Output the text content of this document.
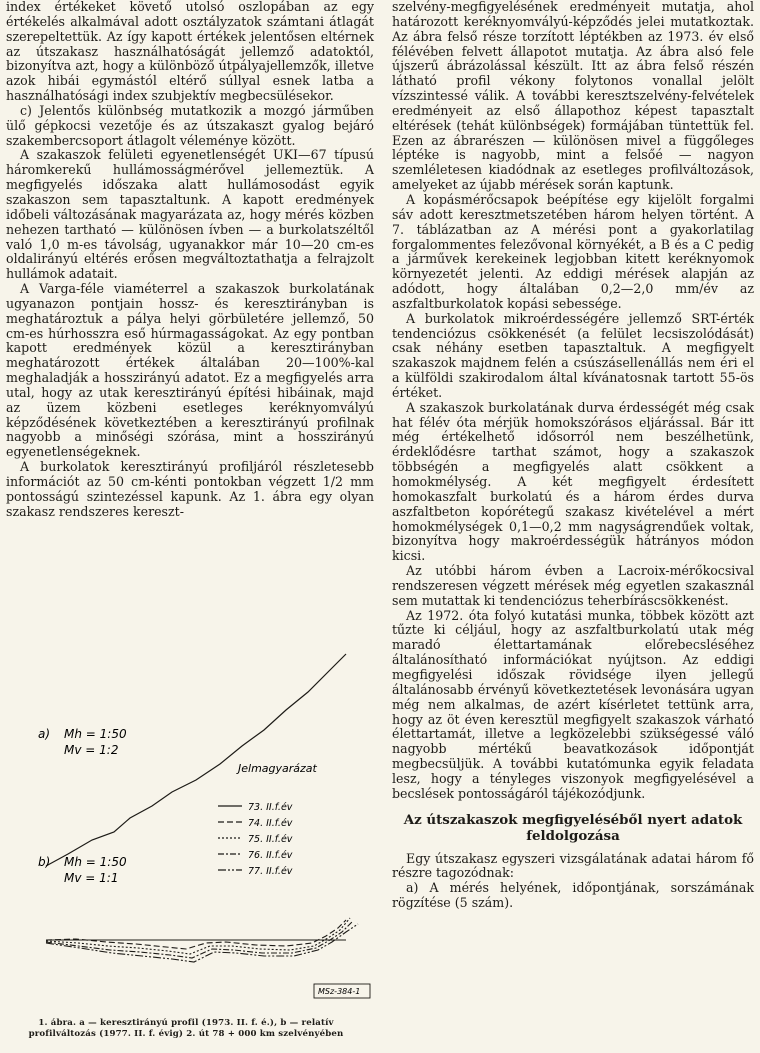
index értékeket követő utolsó oszlopában az egy értékelés alkalmával adott osztályzatok számtani átlagát szerepeltettük. Az így kapott értékek jelentősen eltérnek az útszakasz használhatóságát jellemző adatoktól, bizonyítva azt, hogy a különböző útpályajellemzők, illetve azok hibái egymástól eltérő súllyal esnek latba a használhatósági index szubjektív megbecsülésekor.

c) Jelentős különbség mutatkozik a mozgó járműben ülő gépkocsi vezetője és az útszakaszt gyalog bejáró szakembercsoport átlagolt véleménye között.

A szakaszok felületi egyenetlenségét UKI—67 típusú háromkerekű hullámosságmérővel jellemeztük. A megfigyelés időszaka alatt hullámosodást egyik szakaszon sem tapasztaltunk. A kapott eredmények időbeli változásának magyarázata az, hogy mérés közben nehezen tartható — különösen ívben — a burkolatszéltől való 1,0 m-es távolság, ugyanakkor már 10—20 cm-es oldalirányú eltérés erősen megváltoztathatja a felrajzolt hullámok adatait.

A Varga-féle viaméterrel a szakaszok burkolatának ugyanazon pontjain hossz- és keresztirányban is meghatároztuk a pálya helyi görbületére jellemző, 50 cm-es húrhosszra eső húrmagasságokat. Az egy pontban kapott eredmények közül a keresztirányban meghatározott értékek általában 20—100%-kal meghaladják a hosszirányú adatot. Ez a megfigyelés arra utal, hogy az utak keresztirányú építési hibáinak, majd az üzem közbeni esetleges keréknyomvályú képződésének következtében a keresztirányú profilnak nagyobb a minőségi szórása, mint a hosszirányú egyenetlenségeknek.

A burkolatok keresztirányú profiljáról részletesebb információt az 50 cm-kénti pontokban végzett 1/2 mm pontosságú szintezéssel kapunk. Az 1. ábra egy olyan szakasz rendszeres kereszt-

a) Mh = 1:50
Mv = 1:2
Jelmagyarázat
73. II.f.év
74. II.f.év
75. II.f.év
76. II.f.év
77. II.f.év
b) Mh = 1:50
Mv = 1:1
MSz-384-1
1. ábra. a — keresztirányú profil (1973. II. f. é.), b — relatív profilváltozás (1977. II. f. évig) 2. út 78 + 000 km szelvényében

szelvény-megfigyelésének eredményeit mutatja, ahol határozott keréknyomvályú-képződés jelei mutatkoztak. Az ábra felső része torzított léptékben az 1973. év első félévében felvett állapotot mutatja. Az ábra alsó fele újszerű ábrázolással készült. Itt az ábra felső részén látható profil vékony folytonos vonallal jelölt vízszintessé válik. A további keresztszelvény-felvételek eredményeit az első állapothoz képest tapasztalt eltérések (tehát különbségek) formájában tüntettük fel. Ezen az ábrarészen — különösen mivel a függőleges léptéke is nagyobb, mint a felsőé — nagyon szemléletesen kiadódnak az esetleges profilváltozások, amelyeket az újabb mérések során kaptunk.

A kopásmérőcsapok beépítése egy kijelölt forgalmi sáv adott keresztmetszetében három helyen történt. A 7. táblázatban az A mérési pont a gyakorlatilag forgalommentes felezővonal környékét, a B és a C pedig a járművek kerekeinek legjobban kitett keréknyomok környezetét jelenti. Az eddigi mérések alapján az adódott, hogy általában 0,2—2,0 mm/év az aszfaltburkolatok kopási sebessége.

A burkolatok mikroérdességére jellemző SRT-érték tendenciózus csökkenését (a felület lecsiszolódását) csak néhány esetben tapasztaltuk. A megfigyelt szakaszok majdnem felén a csúszásellenállás nem éri el a külföldi szakirodalom által kívánatosnak tartott 55-ös értéket.

A szakaszok burkolatának durva érdességét még csak hat félév óta mérjük homokszórásos eljárással. Bár itt még értékelhető idősorról nem beszélhetünk, érdeklődésre tarthat számot, hogy a szakaszok többségén a megfigyelés alatt csökkent a homokmélység. A két megfigyelt érdesített homokaszfalt burkolatú és a három érdes durva aszfaltbeton kopórétegű szakasz kivételével a mért homokmélységek 0,1—0,2 mm nagyságrendűek voltak, bizonyítva hogy makroérdességük hátrányos módon kicsi.

Az utóbbi három évben a Lacroix-mérőkocsival rendszeresen végzett mérések még egyetlen szakasznál sem mutattak ki tendenciózus teherbíráscsökkenést.

Az 1972. óta folyó kutatási munka, többek között azt tűzte ki céljául, hogy az aszfaltburkolatú utak még maradó élettartamának előrebecsléséhez általánosítható információkat nyújtson. Az eddigi megfigyelési időszak rövidsége ilyen jellegű általánosabb érvényű következtetések levonására ugyan még nem alkalmas, de azért kísérletet tettünk arra, hogy az öt éven keresztül megfigyelt szakaszok várható élettartamát, illetve a legközelebbi szükségessé váló nagyobb mértékű beavatkozások időpontját megbecsüljük. A további kutatómunka egyik feladata lesz, hogy a tényleges viszonyok megfigyelésével a becslések pontosságáról tájékozódjunk.

Az útszakaszok megfigyeléséből nyert adatok feldolgozása

Egy útszakasz egyszeri vizsgálatának adatai három fő részre tagozódnak:

a) A mérés helyének, időpontjának, sorszámának rögzítése (5 szám).
